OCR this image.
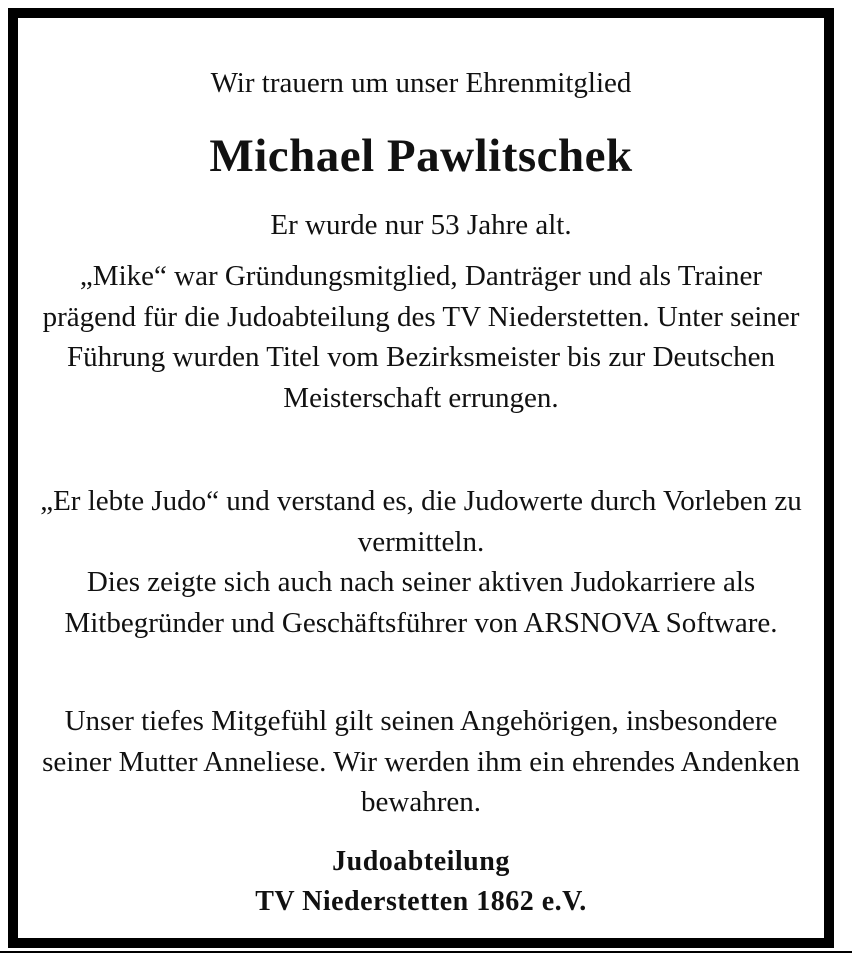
Wir trauern um unser Ehrenmitglied
Michael Pawlitschek
Er wurde nur 53 Jahre alt.
„Mike“ war Gründungsmitglied, Danträger und als Trainer prägend für die Judoabteilung des TV Niederstetten. Unter seiner Führung wurden Titel vom Bezirksmeister bis zur Deutschen Meisterschaft errungen.
„Er lebte Judo“ und verstand es, die Judowerte durch Vorleben zu vermitteln.
Dies zeigte sich auch nach seiner aktiven Judokarriere als Mitbegründer und Geschäftsführer von ARSNOVA Software.
Unser tiefes Mitgefühl gilt seinen Angehörigen, insbesondere seiner Mutter Anneliese. Wir werden ihm ein ehrendes Andenken bewahren.
Judoabteilung
TV Niederstetten 1862 e.V.
